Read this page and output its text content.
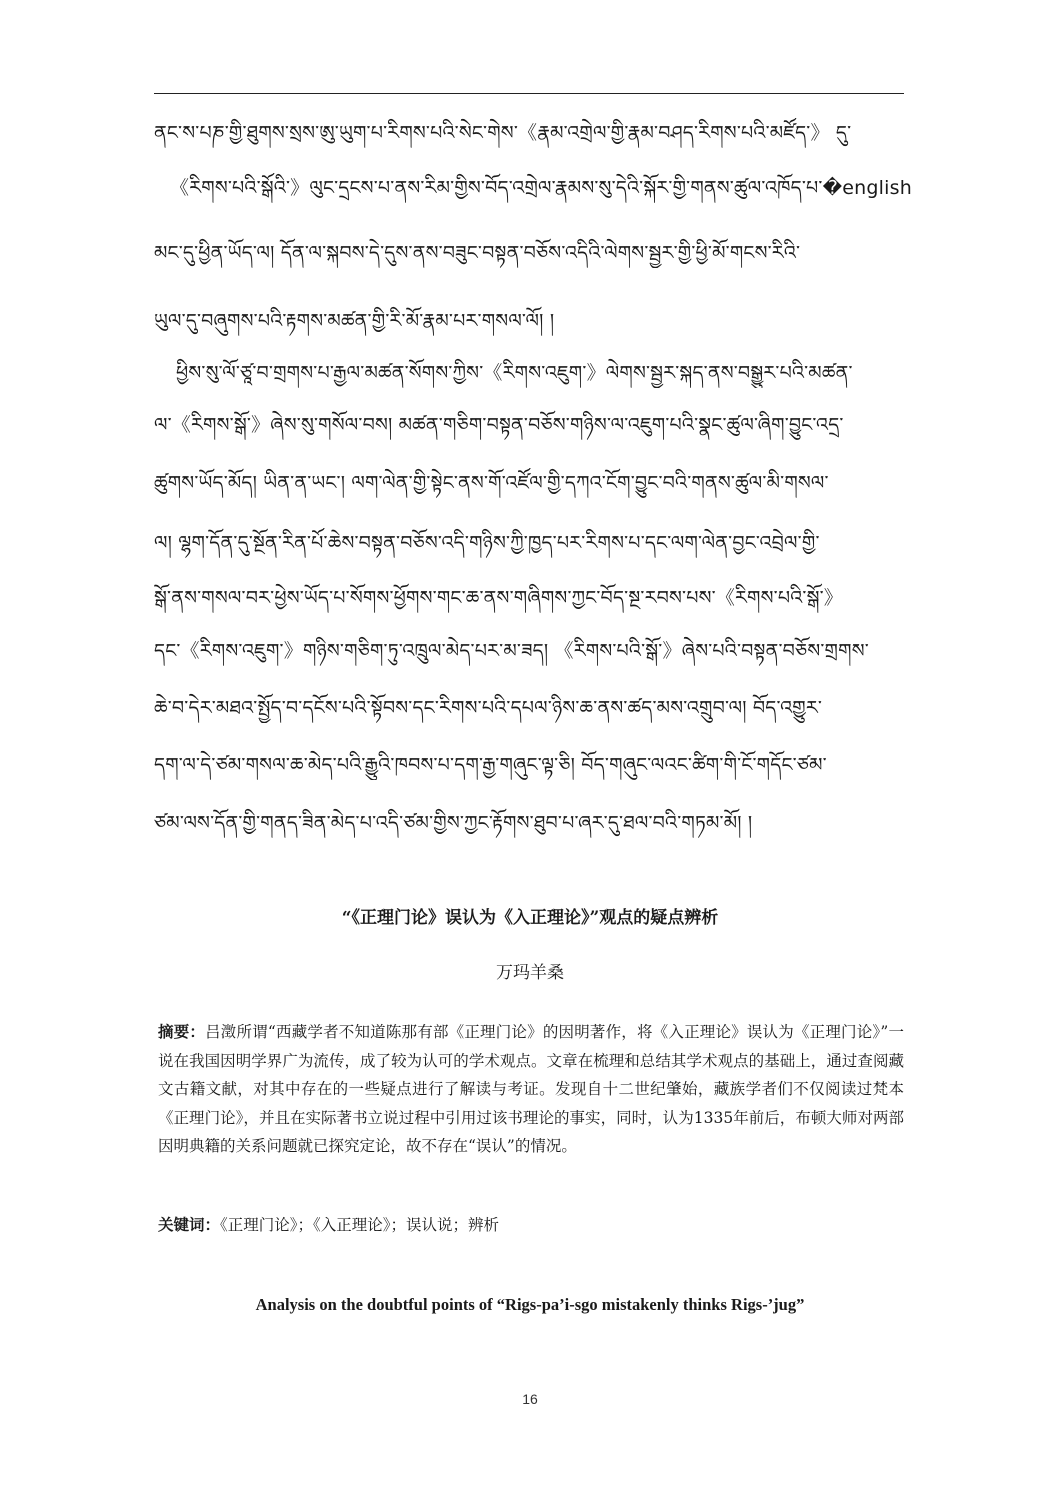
ནང་ས་པཎ་གྱི་ཐུགས་སྲས་ཨུ་ཡུག་པ་རིགས་པའི་སེང་གེས་《རྣམ་འགྲེལ་གྱི་རྣམ་བཤད་རིགས་པའི་མཛོད་》 དུ་
《རིགས་པའི་སྒོའི་》ལུང་དྲངས་པ་ནས་རིམ་གྱིས་བོད་འགྲེལ་རྣམས་སུ་དེའི་སྐོར་གྱི་གནས་ཚུལ་འཁོད་པ་�english
མང་དུ་ཕྱིན་ཡོད་ལ། དོན་ལ་སྐབས་དེ་དུས་ནས་བཟུང་བསྟན་བཅོས་འདིའི་ལེགས་སྦྱར་གྱི་ཕྱི་མོ་གངས་རིའི་
ཡུལ་དུ་བཞུགས་པའི་རྟགས་མཚན་གྱི་རི་མོ་རྣམ་པར་གསལ་ལོ། །
ཕྱིས་སུ་ལོ་ཙཱ་བ་གྲགས་པ་རྒྱལ་མཚན་སོགས་ཀྱིས་《རིགས་འཇུག་》ལེགས་སྦྱར་སྐད་ནས་བསྒྱུར་པའི་མཚན་
ལ་《རིགས་སྒོ་》ཞེས་སུ་གསོལ་བས། མཚན་གཅིག་བསྟན་བཅོས་གཉིས་ལ་འཇུག་པའི་སྣང་ཚུལ་ཞིག་བྱུང་འདྲ་
ཚུགས་ཡོད་མོད། ཡིན་ན་ཡང་། ལག་ལེན་གྱི་སྟེང་ནས་གོ་འཛོལ་གྱི་དཀའ་ངོག་བྱུང་བའི་གནས་ཚུལ་མི་གསལ་
ལ། ལྷག་དོན་དུ་སྔོན་རིན་པོ་ཆེས་བསྟན་བཅོས་འདི་གཉིས་ཀྱི་ཁྱད་པར་རིགས་པ་དང་ལག་ལེན་བྱང་འབྲེལ་གྱི་
སྒོ་ནས་གསལ་བར་ཕྱེས་ཡོད་པ་སོགས་ཕྱོགས་གང་ཆ་ནས་གཞིགས་ཀྱང་བོད་སྔ་རབས་པས་《རིགས་པའི་སྒོ་》
དང་《རིགས་འཇུག་》གཉིས་གཅིག་ཏུ་འཁྲུལ་མེད་པར་མ་ཟད། 《རིགས་པའི་སྒོ་》ཞེས་པའི་བསྟན་བཅོས་གྲགས་
ཆེ་བ་དེར་མཐའ་སྤྱོད་བ་དངོས་པའི་སྟོབས་དང་རིགས་པའི་དཔལ་ཉིས་ཆ་ནས་ཚད་མས་འགྲུབ་ལ། བོད་འགྱུར་
དག་ལ་དེ་ཙམ་གསལ་ཆ་མེད་པའི་རྒྱུའི་ཁབས་པ་དག་རྒྱ་གཞུང་ལྟ་ཅི། བོད་གཞུང་ལའང་ཚིག་གི་ངོ་གདོང་ཙམ་
ཙམ་ལས་དོན་གྱི་གནད་ཟིན་མེད་པ་འདི་ཙམ་གྱིས་ཀྱང་རྟོགས་ཐུབ་པ་ཞར་དུ་ཐལ་བའི་གཏམ་མོ། །
“《正理门论》误认为《入正理论》”观点的疑点辨析
万玛羊桑

摘要：吕澂所谓“西藏学者不知道陈那有部《正理门论》的因明著作，将《入正理论》误认为《正理门论》”一说在我国因明学界广为流传，成了较为认可的学术观点。文章在梳理和总结其学术观点的基础上，通过查阅藏文古籍文献，对其中存在的一些疑点进行了解读与考证。发现自十二世纪肇始，藏族学者们不仅阅读过梵本《正理门论》，并且在实际著书立说过程中引用过该书理论的事实，同时，认为1335年前后，布顿大师对两部因明典籍的关系问题就已探究定论，故不存在“误认”的情况。

关键词：《正理门论》；《入正理论》；误认说；辨析

Analysis on the doubtful points of “Rigs-pa’i-sgo mistakenly thinks Rigs-’jug”
16
